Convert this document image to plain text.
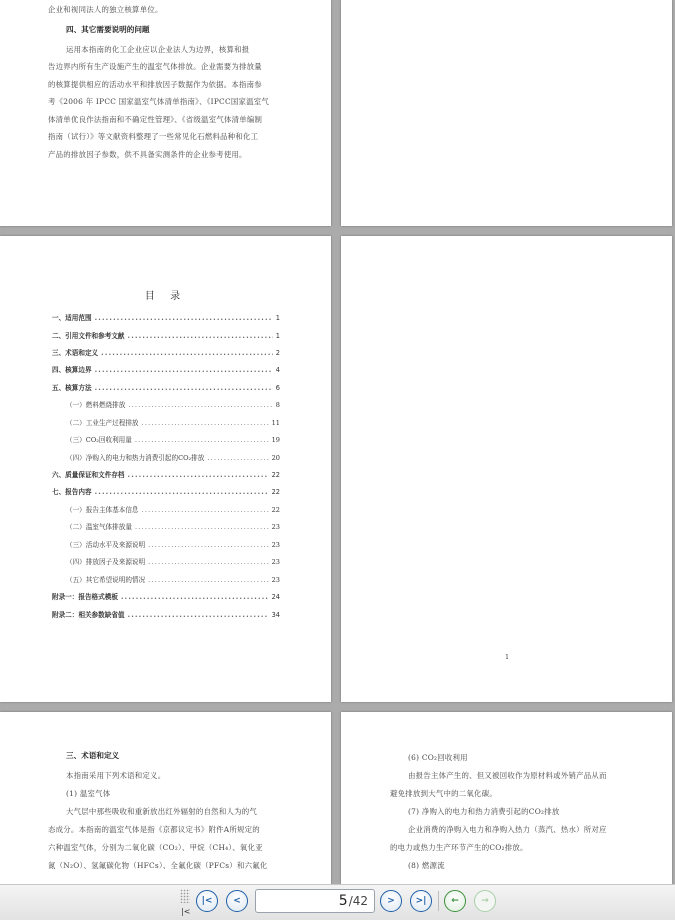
企业和视同法人的独立核算单位。
四、其它需要说明的问题
运用本指南的化工企业应以企业法人为边界，核算和报
告边界内所有生产设施产生的温室气体排放。企业需要为排放量
的核算提供相应的活动水平和排放因子数据作为依据。本指南参
考《2006 年 IPCC 国家温室气体清单指南》、《IPCC国家温室气
体清单优良作法指南和不确定性管理》、《省级温室气体清单编制
指南（试行）》等文献资料整理了一些常见化石燃料品种和化工
产品的排放因子参数，供不具备实测条件的企业参考使用。
目 录
一、适用范围 .....	1
二、引用文件和参考文献 .....	1
三、术语和定义 .....	2
四、核算边界 .....	4
五、核算方法 .....	6
（一）燃料燃烧排放 .....	8
（二）工业生产过程排放 .....	11
（三）CO₂回收利用量 .....	19
（四）净购入的电力和热力消费引起的CO₂排放 .....	20
六、质量保证和文件存档 .....	22
七、报告内容 .....	22
（一）报告主体基本信息 .....	22
（二）温室气体排放量 .....	23
（三）活动水平及来源说明 .....	23
（四）排放因子及来源说明 .....	23
（五）其它希望说明的情况 .....	23
附录一：报告格式模板 .....	24
附录二：相关参数缺省值 .....	34
1
三、术语和定义
本指南采用下列术语和定义。
(1) 温室气体
大气层中那些吸收和重新放出红外辐射的自然和人为的气
态成分。本指南的温室气体是指《京都议定书》附件A所规定的
六种温室气体，分别为二氧化碳（CO₂）、甲烷（CH₄）、氧化亚
氮（N₂O）、氢氟碳化物（HFCs）、全氟化碳（PFCs）和六氟化
(6) CO₂回收利用
由报告主体产生的、但又被回收作为原材料或外销产品从而
避免排放到大气中的二氧化碳。
(7) 净购入的电力和热力消费引起的CO₂排放
企业消费的净购入电力和净购入热力（蒸汽、热水）所对应
的电力或热力生产环节产生的CO₂排放。
(8) 燃源流
|<
|<	<	5 /42	>	>|	←	→
